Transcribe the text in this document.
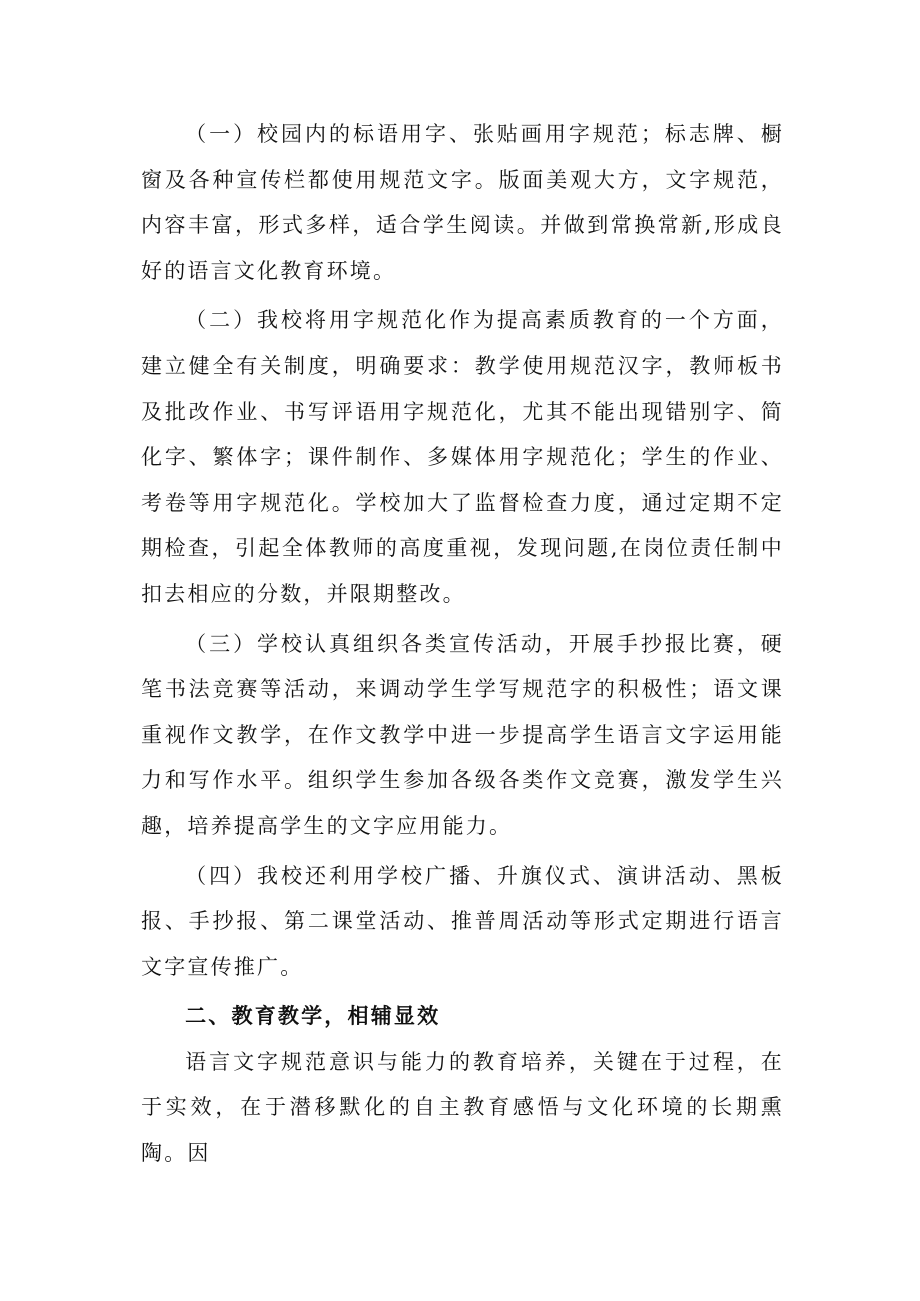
（一）校园内的标语用字、张贴画用字规范；标志牌、橱窗及各种宣传栏都使用规范文字。版面美观大方，文字规范，内容丰富，形式多样，适合学生阅读。并做到常换常新,形成良好的语言文化教育环境。

（二）我校将用字规范化作为提高素质教育的一个方面，建立健全有关制度，明确要求：教学使用规范汉字，教师板书及批改作业、书写评语用字规范化，尤其不能出现错别字、简化字、繁体字；课件制作、多媒体用字规范化；学生的作业、考卷等用字规范化。学校加大了监督检查力度，通过定期不定期检查，引起全体教师的高度重视，发现问题,在岗位责任制中扣去相应的分数，并限期整改。

（三）学校认真组织各类宣传活动，开展手抄报比赛，硬笔书法竞赛等活动，来调动学生学写规范字的积极性；语文课重视作文教学，在作文教学中进一步提高学生语言文字运用能力和写作水平。组织学生参加各级各类作文竞赛，激发学生兴趣，培养提高学生的文字应用能力。

（四）我校还利用学校广播、升旗仪式、演讲活动、黑板报、手抄报、第二课堂活动、推普周活动等形式定期进行语言文字宣传推广。

二、教育教学，相辅显效

语言文字规范意识与能力的教育培养，关键在于过程，在于实效，在于潜移默化的自主教育感悟与文化环境的长期熏陶。因
